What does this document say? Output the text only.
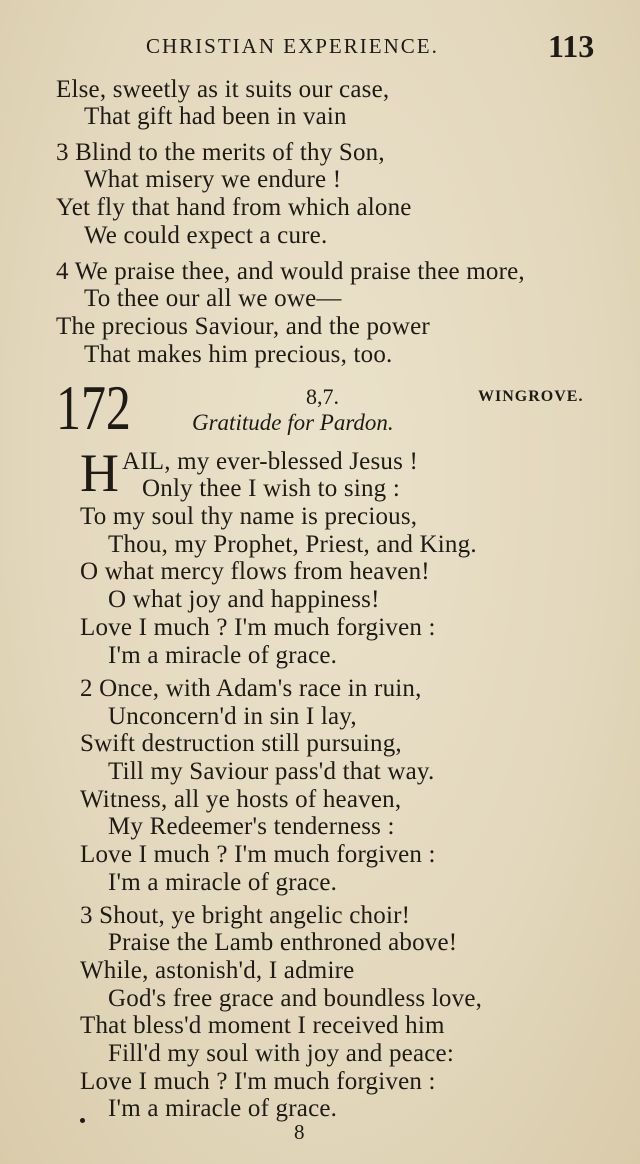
CHRISTIAN EXPERIENCE.	113
Else, sweetly as it suits our case,
That gift had been in vain
3 Blind to the merits of thy Son,
What misery we endure !
Yet fly that hand from which alone
We could expect a cure.
4 We praise thee, and would praise thee more,
To thee our all we owe—
The precious Saviour, and the power
That makes him precious, too.
172	8,7.	WINGROVE.
Gratitude for Pardon.
H AIL, my ever-blessed Jesus !
Only thee I wish to sing :
To my soul thy name is precious,
Thou, my Prophet, Priest, and King.
O what mercy flows from heaven!
O what joy and happiness!
Love I much ? I'm much forgiven :
I'm a miracle of grace.
2 Once, with Adam's race in ruin,
Unconcern'd in sin I lay,
Swift destruction still pursuing,
Till my Saviour pass'd that way.
Witness, all ye hosts of heaven,
My Redeemer's tenderness :
Love I much ? I'm much forgiven :
I'm a miracle of grace.
3 Shout, ye bright angelic choir!
Praise the Lamb enthroned above!
While, astonish'd, I admire
God's free grace and boundless love,
That bless'd moment I received him
Fill'd my soul with joy and peace:
Love I much ? I'm much forgiven :
I'm a miracle of grace.
8
